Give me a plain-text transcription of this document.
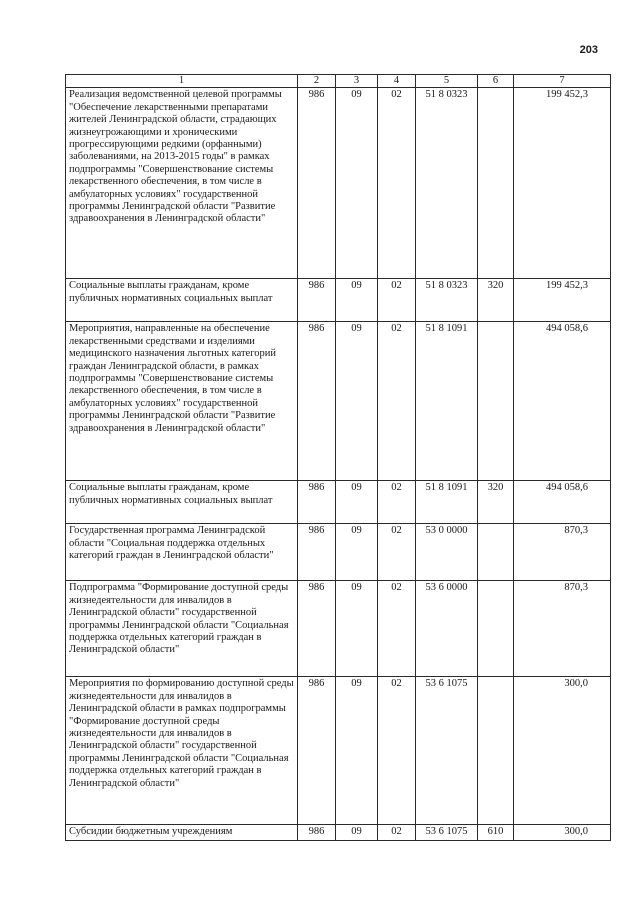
203
1	2	3	4	5	6	7
Реализация ведомственной целевой программы "Обеспечение лекарственными препаратами жителей Ленинградской области, страдающих жизнеугрожающими и хроническими прогрессирующими редкими (орфанными) заболеваниями, на 2013-2015 годы" в рамках подпрограммы "Совершенствование системы лекарственного обеспечения, в том числе в амбулаторных условиях" государственной программы Ленинградской области "Развитие здравоохранения в Ленинградской области"	986	09	02	51 8 0323		199 452,3
Социальные выплаты гражданам, кроме публичных нормативных социальных выплат	986	09	02	51 8 0323	320	199 452,3
Мероприятия, направленные на обеспечение лекарственными средствами и изделиями медицинского назначения льготных категорий граждан Ленинградской области, в рамках подпрограммы "Совершенствование системы лекарственного обеспечения, в том числе в амбулаторных условиях" государственной программы Ленинградской области "Развитие здравоохранения в Ленинградской области"	986	09	02	51 8 1091		494 058,6
Социальные выплаты гражданам, кроме публичных нормативных социальных выплат	986	09	02	51 8 1091	320	494 058,6
Государственная программа Ленинградской области "Социальная поддержка отдельных категорий граждан в Ленинградской области"	986	09	02	53 0 0000		870,3
Подпрограмма "Формирование доступной среды жизнедеятельности для инвалидов в Ленинградской области" государственной программы Ленинградской области "Социальная поддержка отдельных категорий граждан в Ленинградской области"	986	09	02	53 6 0000		870,3
Мероприятия по формированию доступной среды жизнедеятельности для инвалидов в Ленинградской области в рамках подпрограммы "Формирование доступной среды жизнедеятельности для инвалидов в Ленинградской области" государственной программы Ленинградской области "Социальная поддержка отдельных категорий граждан в Ленинградской области"	986	09	02	53 6 1075		300,0
Субсидии бюджетным учреждениям	986	09	02	53 6 1075	610	300,0
